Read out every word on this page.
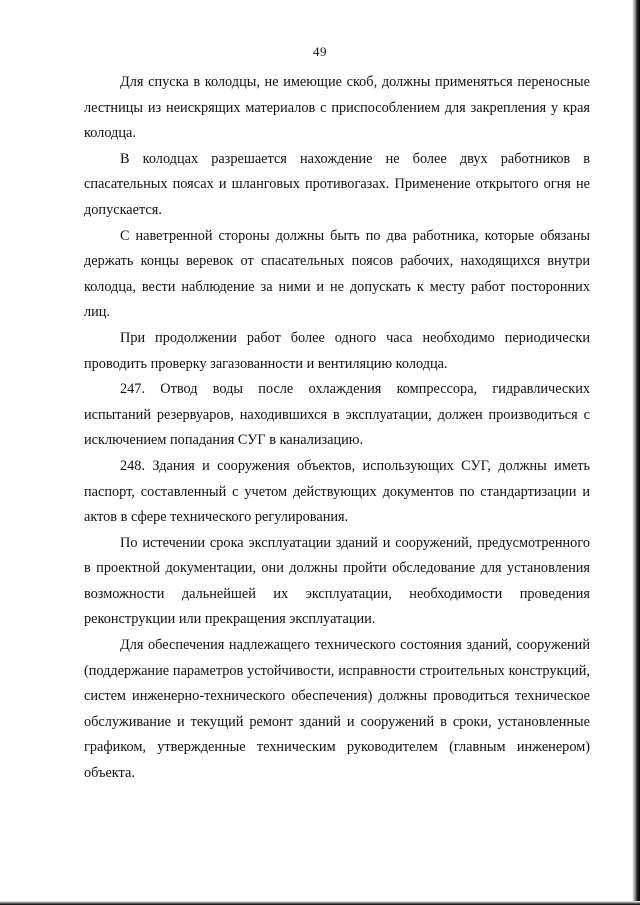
49

Для спуска в колодцы, не имеющие скоб, должны применяться переносные лестницы из неискрящих материалов с приспособлением для закрепления у края колодца.

В колодцах разрешается нахождение не более двух работников в спасательных поясах и шланговых противогазах. Применение открытого огня не допускается.

С наветренной стороны должны быть по два работника, которые обязаны держать концы веревок от спасательных поясов рабочих, находящихся внутри колодца, вести наблюдение за ними и не допускать к месту работ посторонних лиц.

При продолжении работ более одного часа необходимо периодически проводить проверку загазованности и вентиляцию колодца.

247. Отвод воды после охлаждения компрессора, гидравлических испытаний резервуаров, находившихся в эксплуатации, должен производиться с исключением попадания СУГ в канализацию.

248. Здания и сооружения объектов, использующих СУГ, должны иметь паспорт, составленный с учетом действующих документов по стандартизации и актов в сфере технического регулирования.

По истечении срока эксплуатации зданий и сооружений, предусмотренного в проектной документации, они должны пройти обследование для установления возможности дальнейшей их эксплуатации, необходимости проведения реконструкции или прекращения эксплуатации.

Для обеспечения надлежащего технического состояния зданий, сооружений (поддержание параметров устойчивости, исправности строительных конструкций, систем инженерно-технического обеспечения) должны проводиться техническое обслуживание и текущий ремонт зданий и сооружений в сроки, установленные графиком, утвержденные техническим руководителем (главным инженером) объекта.
